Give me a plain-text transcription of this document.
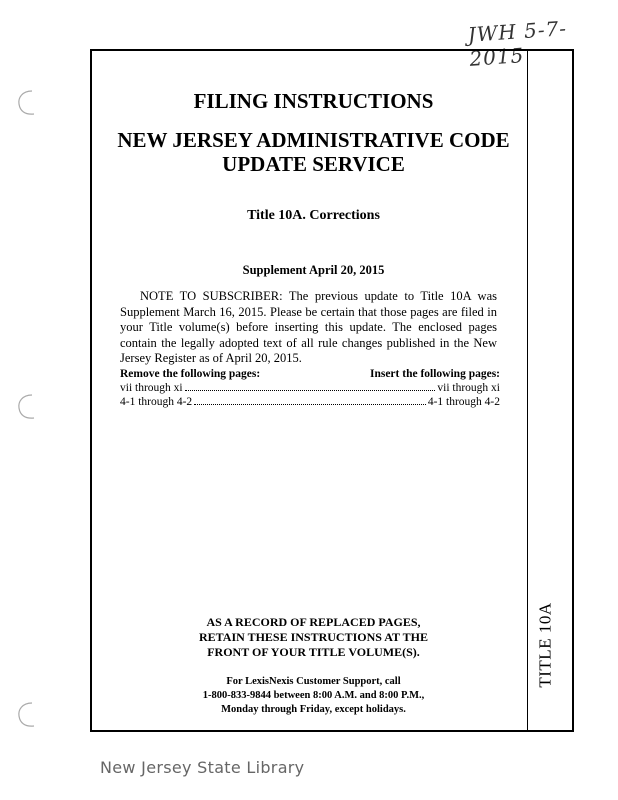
JWH 5-7-2015
TITLE 10A
FILING INSTRUCTIONS
NEW JERSEY ADMINISTRATIVE CODE
UPDATE SERVICE
Title 10A. Corrections
Supplement April 20, 2015
NOTE TO SUBSCRIBER: The previous update to Title 10A was Supplement March 16, 2015. Please be certain that those pages are filed in your Title volume(s) before inserting this update. The enclosed pages contain the legally adopted text of all rule changes published in the New Jersey Register as of April 20, 2015.
Remove the following pages:	Insert the following pages:
vii through xi	vii through xi
4-1 through 4-2	4-1 through 4-2
AS A RECORD OF REPLACED PAGES,
RETAIN THESE INSTRUCTIONS AT THE
FRONT OF YOUR TITLE VOLUME(S).
For LexisNexis Customer Support, call
1-800-833-9844 between 8:00 A.M. and 8:00 P.M.,
Monday through Friday, except holidays.
New Jersey State Library
